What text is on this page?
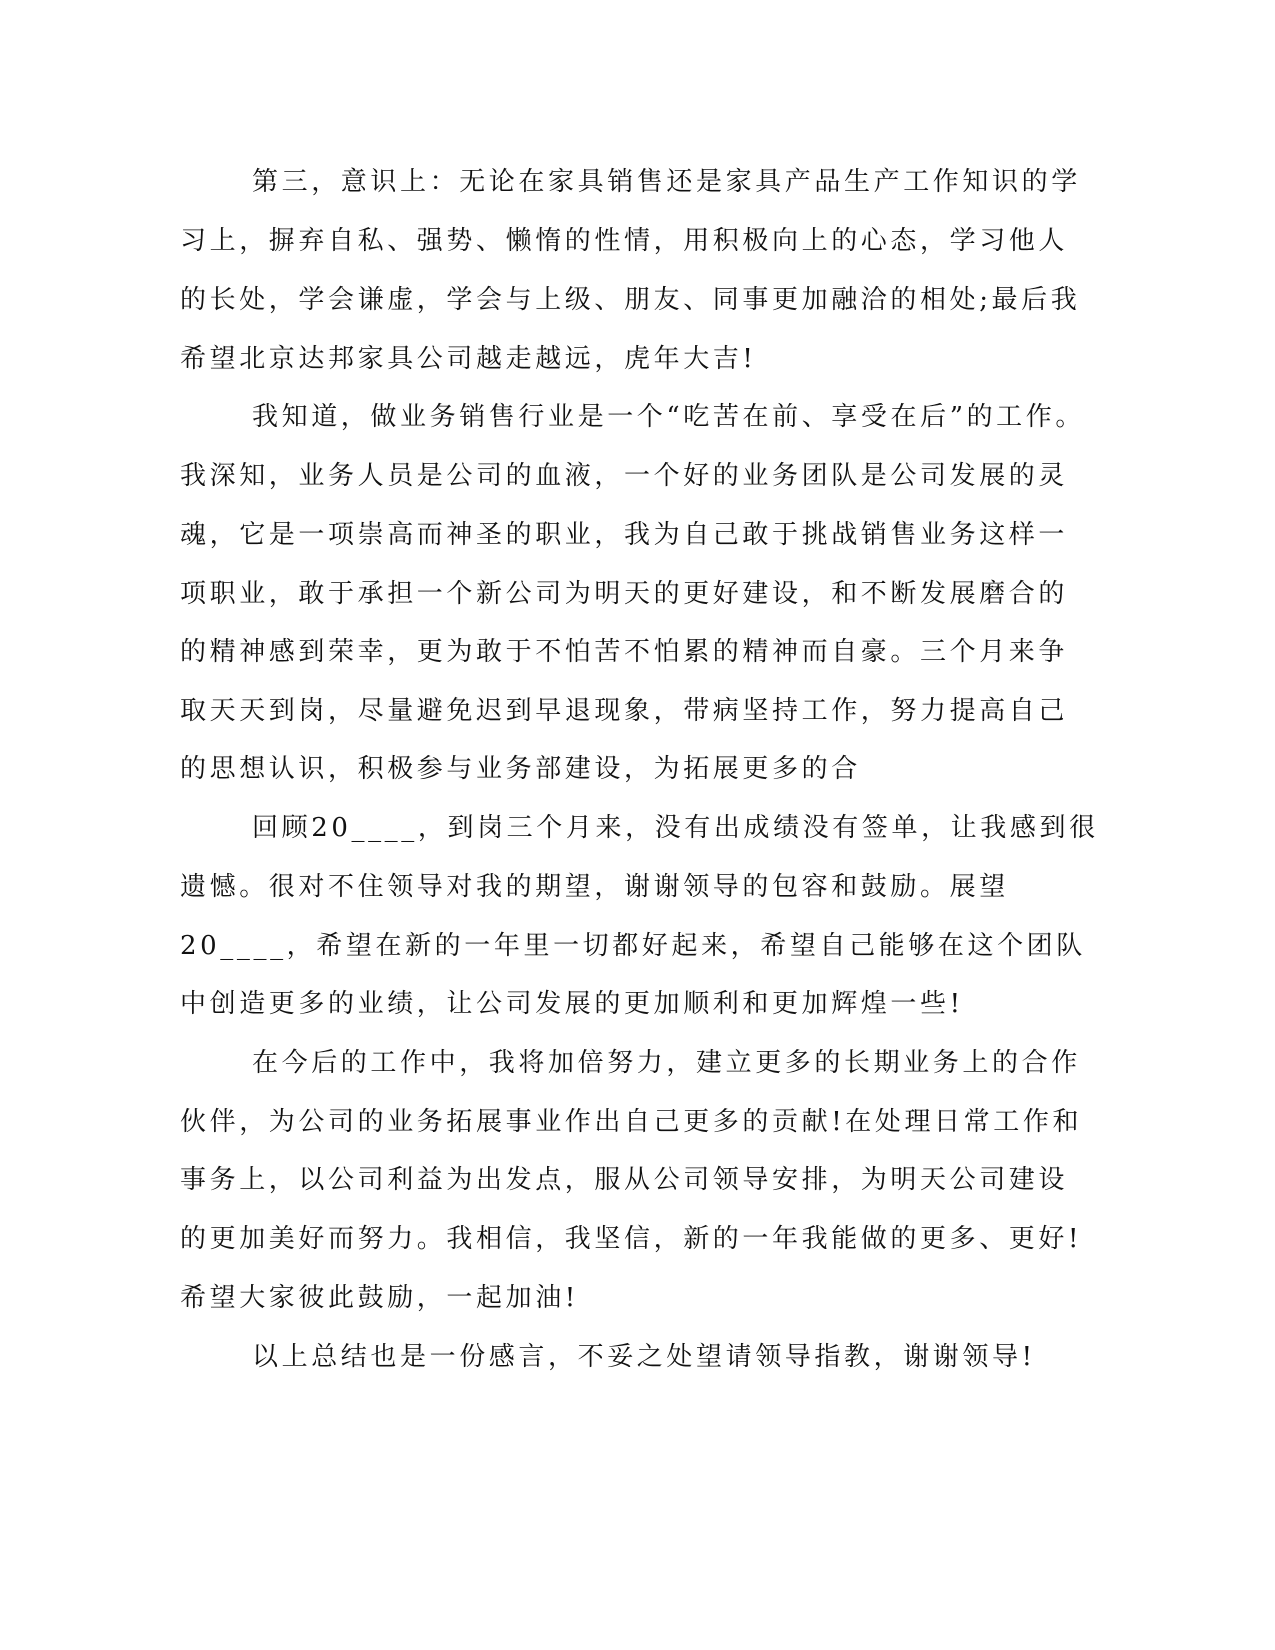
第三，意识上：无论在家具销售还是家具产品生产工作知识的学
习上，摒弃自私、强势、懒惰的性情，用积极向上的心态，学习他人
的长处，学会谦虚，学会与上级、朋友、同事更加融洽的相处;最后我
希望北京达邦家具公司越走越远，虎年大吉!
我知道，做业务销售行业是一个“吃苦在前、享受在后”的工作。
我深知，业务人员是公司的血液，一个好的业务团队是公司发展的灵
魂，它是一项崇高而神圣的职业，我为自己敢于挑战销售业务这样一
项职业，敢于承担一个新公司为明天的更好建设，和不断发展磨合的
的精神感到荣幸，更为敢于不怕苦不怕累的精神而自豪。三个月来争
取天天到岗，尽量避免迟到早退现象，带病坚持工作，努力提高自己
的思想认识，积极参与业务部建设，为拓展更多的合
回顾20____，到岗三个月来，没有出成绩没有签单，让我感到很
遗憾。很对不住领导对我的期望，谢谢领导的包容和鼓励。展望
20____，希望在新的一年里一切都好起来，希望自己能够在这个团队
中创造更多的业绩，让公司发展的更加顺利和更加辉煌一些!
在今后的工作中，我将加倍努力，建立更多的长期业务上的合作
伙伴，为公司的业务拓展事业作出自己更多的贡献!在处理日常工作和
事务上，以公司利益为出发点，服从公司领导安排，为明天公司建设
的更加美好而努力。我相信，我坚信，新的一年我能做的更多、更好!
希望大家彼此鼓励，一起加油!
以上总结也是一份感言，不妥之处望请领导指教，谢谢领导!
